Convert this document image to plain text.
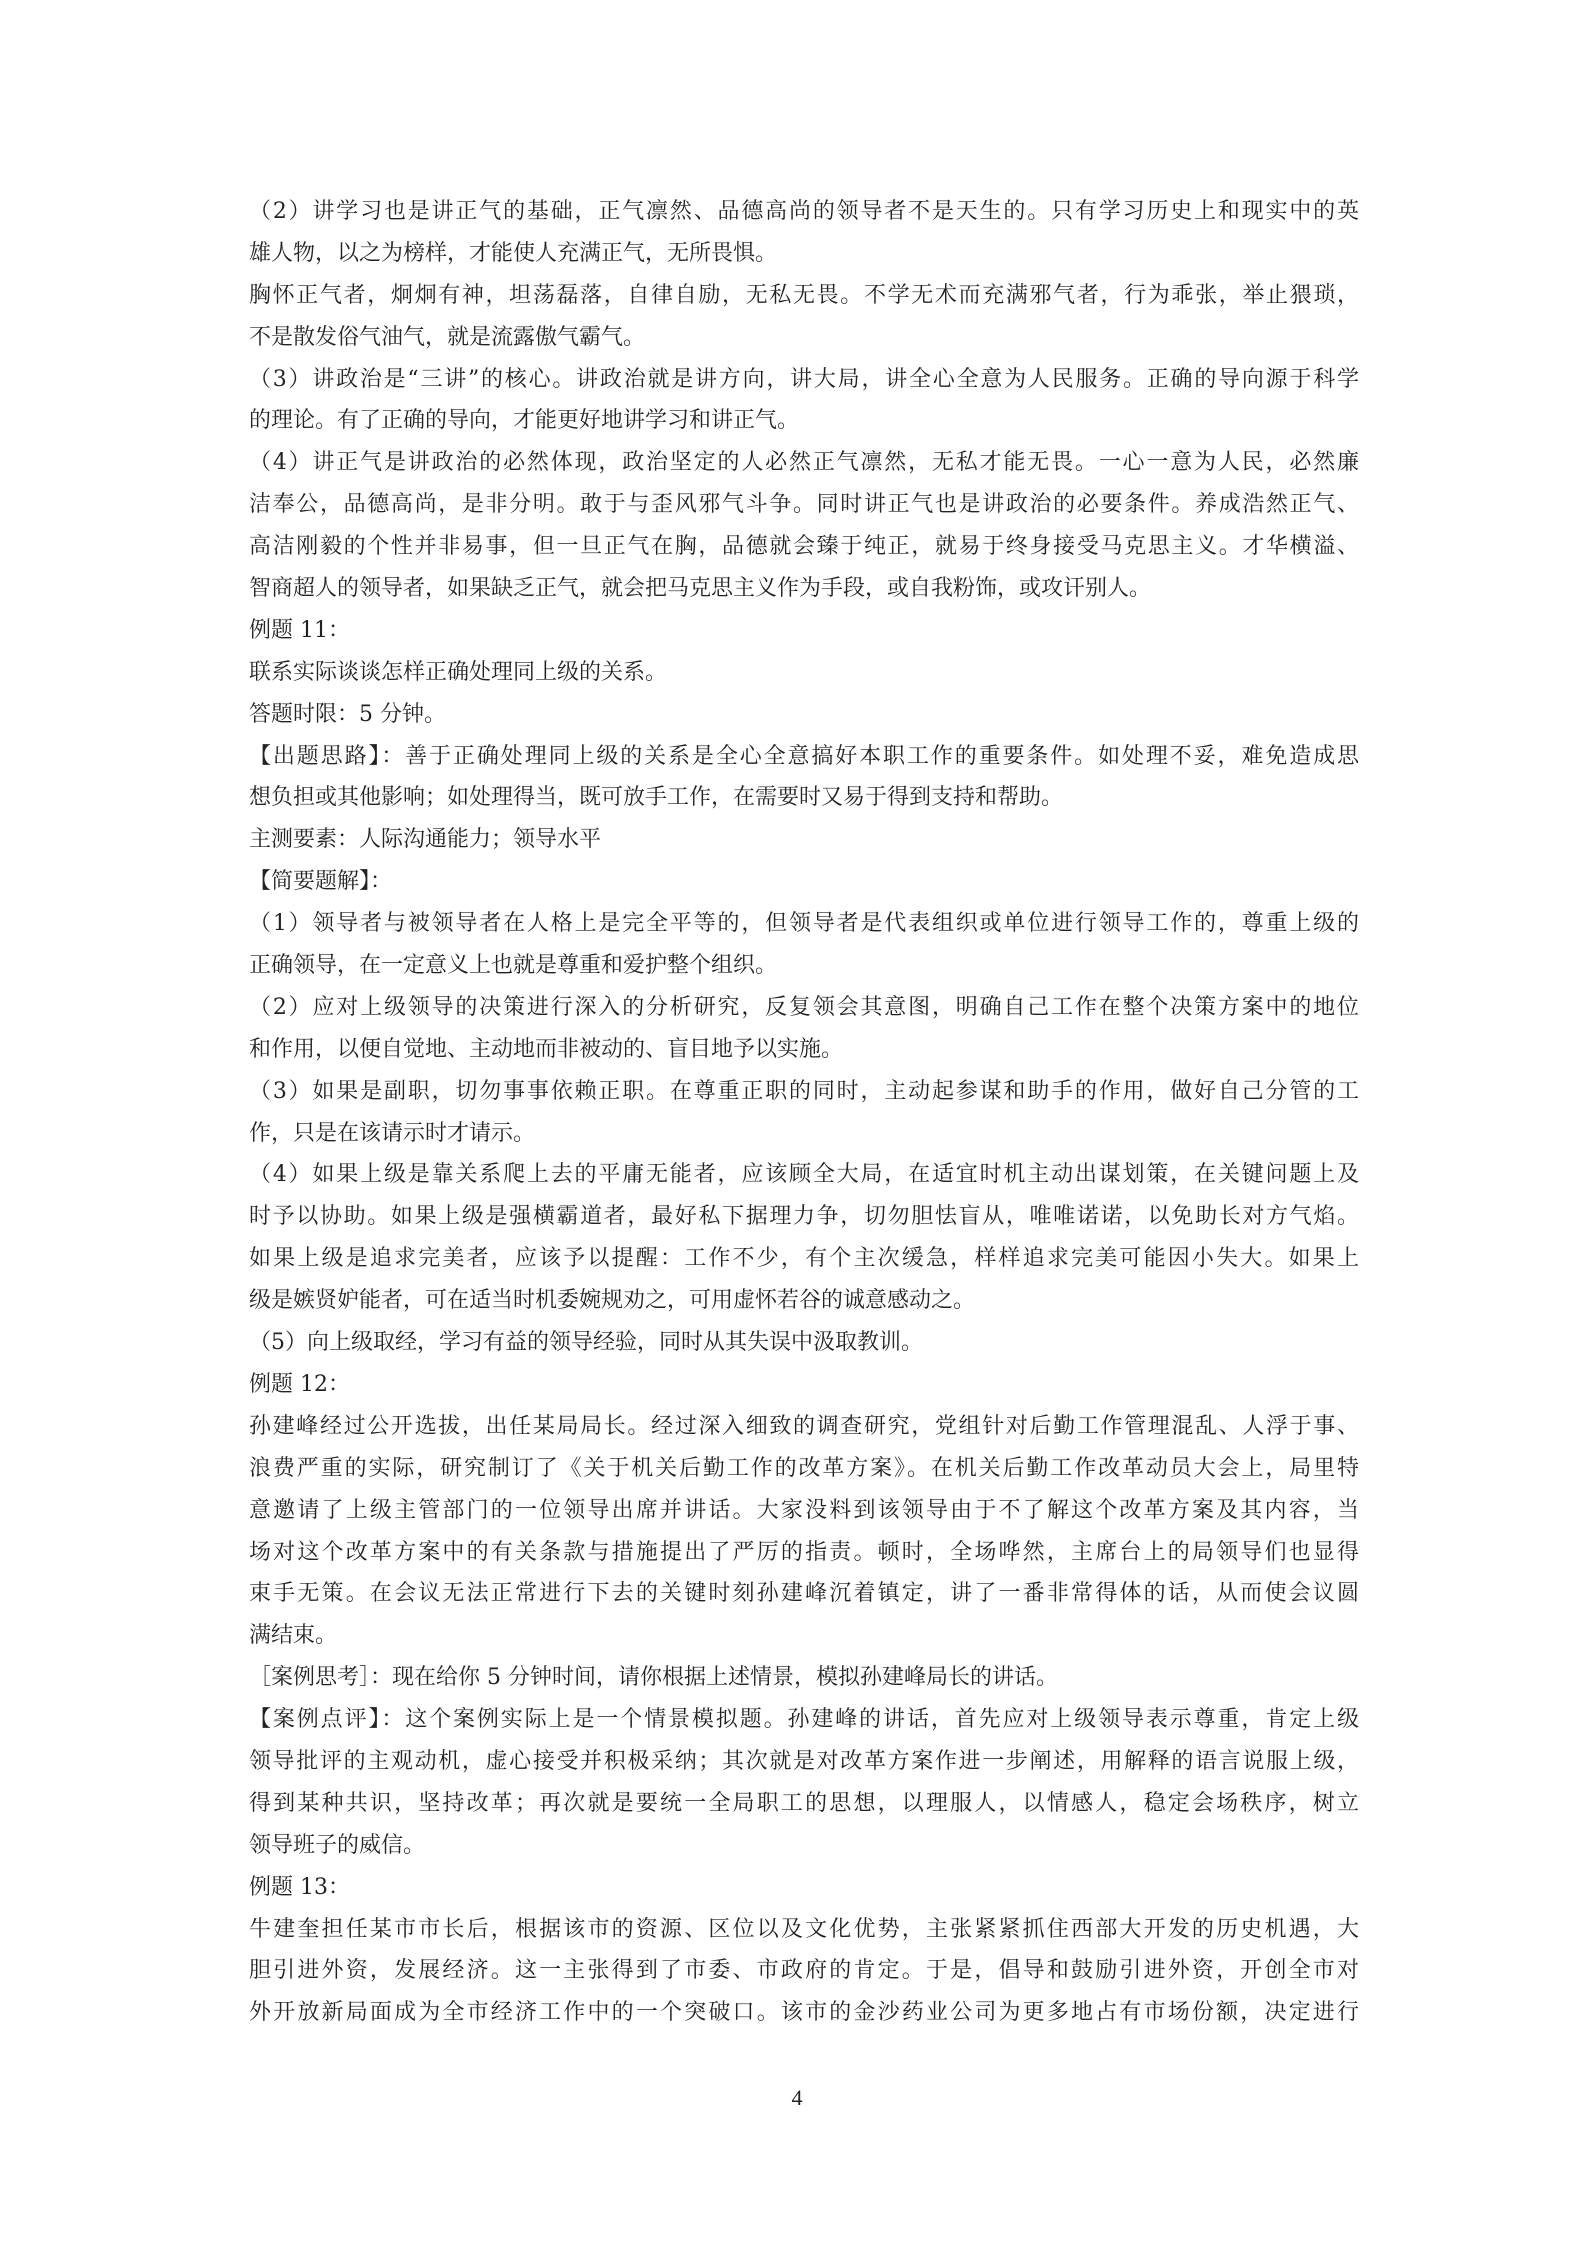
（2）讲学习也是讲正气的基础，正气凛然、品德高尚的领导者不是天生的。只有学习历史上和现实中的英
雄人物，以之为榜样，才能使人充满正气，无所畏惧。
胸怀正气者，炯炯有神，坦荡磊落，自律自励，无私无畏。不学无术而充满邪气者，行为乖张，举止猥琐，
不是散发俗气油气，就是流露傲气霸气。
（3）讲政治是“三讲”的核心。讲政治就是讲方向，讲大局，讲全心全意为人民服务。正确的导向源于科学
的理论。有了正确的导向，才能更好地讲学习和讲正气。
（4）讲正气是讲政治的必然体现，政治坚定的人必然正气凛然，无私才能无畏。一心一意为人民，必然廉
洁奉公，品德高尚，是非分明。敢于与歪风邪气斗争。同时讲正气也是讲政治的必要条件。养成浩然正气、
高洁刚毅的个性并非易事，但一旦正气在胸，品德就会臻于纯正，就易于终身接受马克思主义。才华横溢、
智商超人的领导者，如果缺乏正气，就会把马克思主义作为手段，或自我粉饰，或攻讦别人。
例题 11：
联系实际谈谈怎样正确处理同上级的关系。
答题时限：5 分钟。
【出题思路】：善于正确处理同上级的关系是全心全意搞好本职工作的重要条件。如处理不妥，难免造成思
想负担或其他影响；如处理得当，既可放手工作，在需要时又易于得到支持和帮助。
主测要素：人际沟通能力；领导水平
【简要题解】：
（1）领导者与被领导者在人格上是完全平等的，但领导者是代表组织或单位进行领导工作的，尊重上级的
正确领导，在一定意义上也就是尊重和爱护整个组织。
（2）应对上级领导的决策进行深入的分析研究，反复领会其意图，明确自己工作在整个决策方案中的地位
和作用，以便自觉地、主动地而非被动的、盲目地予以实施。
（3）如果是副职，切勿事事依赖正职。在尊重正职的同时，主动起参谋和助手的作用，做好自己分管的工
作，只是在该请示时才请示。
（4）如果上级是靠关系爬上去的平庸无能者，应该顾全大局，在适宜时机主动出谋划策，在关键问题上及
时予以协助。如果上级是强横霸道者，最好私下据理力争，切勿胆怯盲从，唯唯诺诺，以免助长对方气焰。
如果上级是追求完美者，应该予以提醒：工作不少，有个主次缓急，样样追求完美可能因小失大。如果上
级是嫉贤妒能者，可在适当时机委婉规劝之，可用虚怀若谷的诚意感动之。
（5）向上级取经，学习有益的领导经验，同时从其失误中汲取教训。
例题 12：
孙建峰经过公开选拔，出任某局局长。经过深入细致的调查研究，党组针对后勤工作管理混乱、人浮于事、
浪费严重的实际，研究制订了《关于机关后勤工作的改革方案》。在机关后勤工作改革动员大会上，局里特
意邀请了上级主管部门的一位领导出席并讲话。大家没料到该领导由于不了解这个改革方案及其内容，当
场对这个改革方案中的有关条款与措施提出了严厉的指责。顿时，全场哗然，主席台上的局领导们也显得
束手无策。在会议无法正常进行下去的关键时刻孙建峰沉着镇定，讲了一番非常得体的话，从而使会议圆
满结束。
［案例思考］：现在给你 5 分钟时间，请你根据上述情景，模拟孙建峰局长的讲话。
【案例点评】：这个案例实际上是一个情景模拟题。孙建峰的讲话，首先应对上级领导表示尊重，肯定上级
领导批评的主观动机，虚心接受并积极采纳；其次就是对改革方案作进一步阐述，用解释的语言说服上级，
得到某种共识，坚持改革；再次就是要统一全局职工的思想，以理服人，以情感人，稳定会场秩序，树立
领导班子的威信。
例题 13：
牛建奎担任某市市长后，根据该市的资源、区位以及文化优势，主张紧紧抓住西部大开发的历史机遇，大
胆引进外资，发展经济。这一主张得到了市委、市政府的肯定。于是，倡导和鼓励引进外资，开创全市对
外开放新局面成为全市经济工作中的一个突破口。该市的金沙药业公司为更多地占有市场份额，决定进行
4
